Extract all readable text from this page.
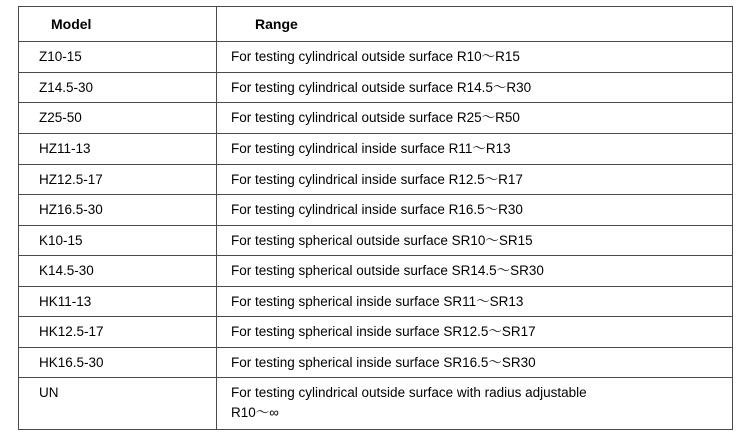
Model	Range
Z10-15	For testing cylindrical outside surface R10～R15
Z14.5-30	For testing cylindrical outside surface R14.5～R30
Z25-50	For testing cylindrical outside surface R25～R50
HZ11-13	For testing cylindrical inside surface R11～R13
HZ12.5-17	For testing cylindrical inside surface R12.5～R17
HZ16.5-30	For testing cylindrical inside surface R16.5～R30
K10-15	For testing spherical outside surface SR10～SR15
K14.5-30	For testing spherical outside surface SR14.5～SR30
HK11-13	For testing spherical inside surface SR11～SR13
HK12.5-17	For testing spherical inside surface SR12.5～SR17
HK16.5-30	For testing spherical inside surface SR16.5～SR30
UN	For testing cylindrical outside surface with radius adjustable
R10～∞
